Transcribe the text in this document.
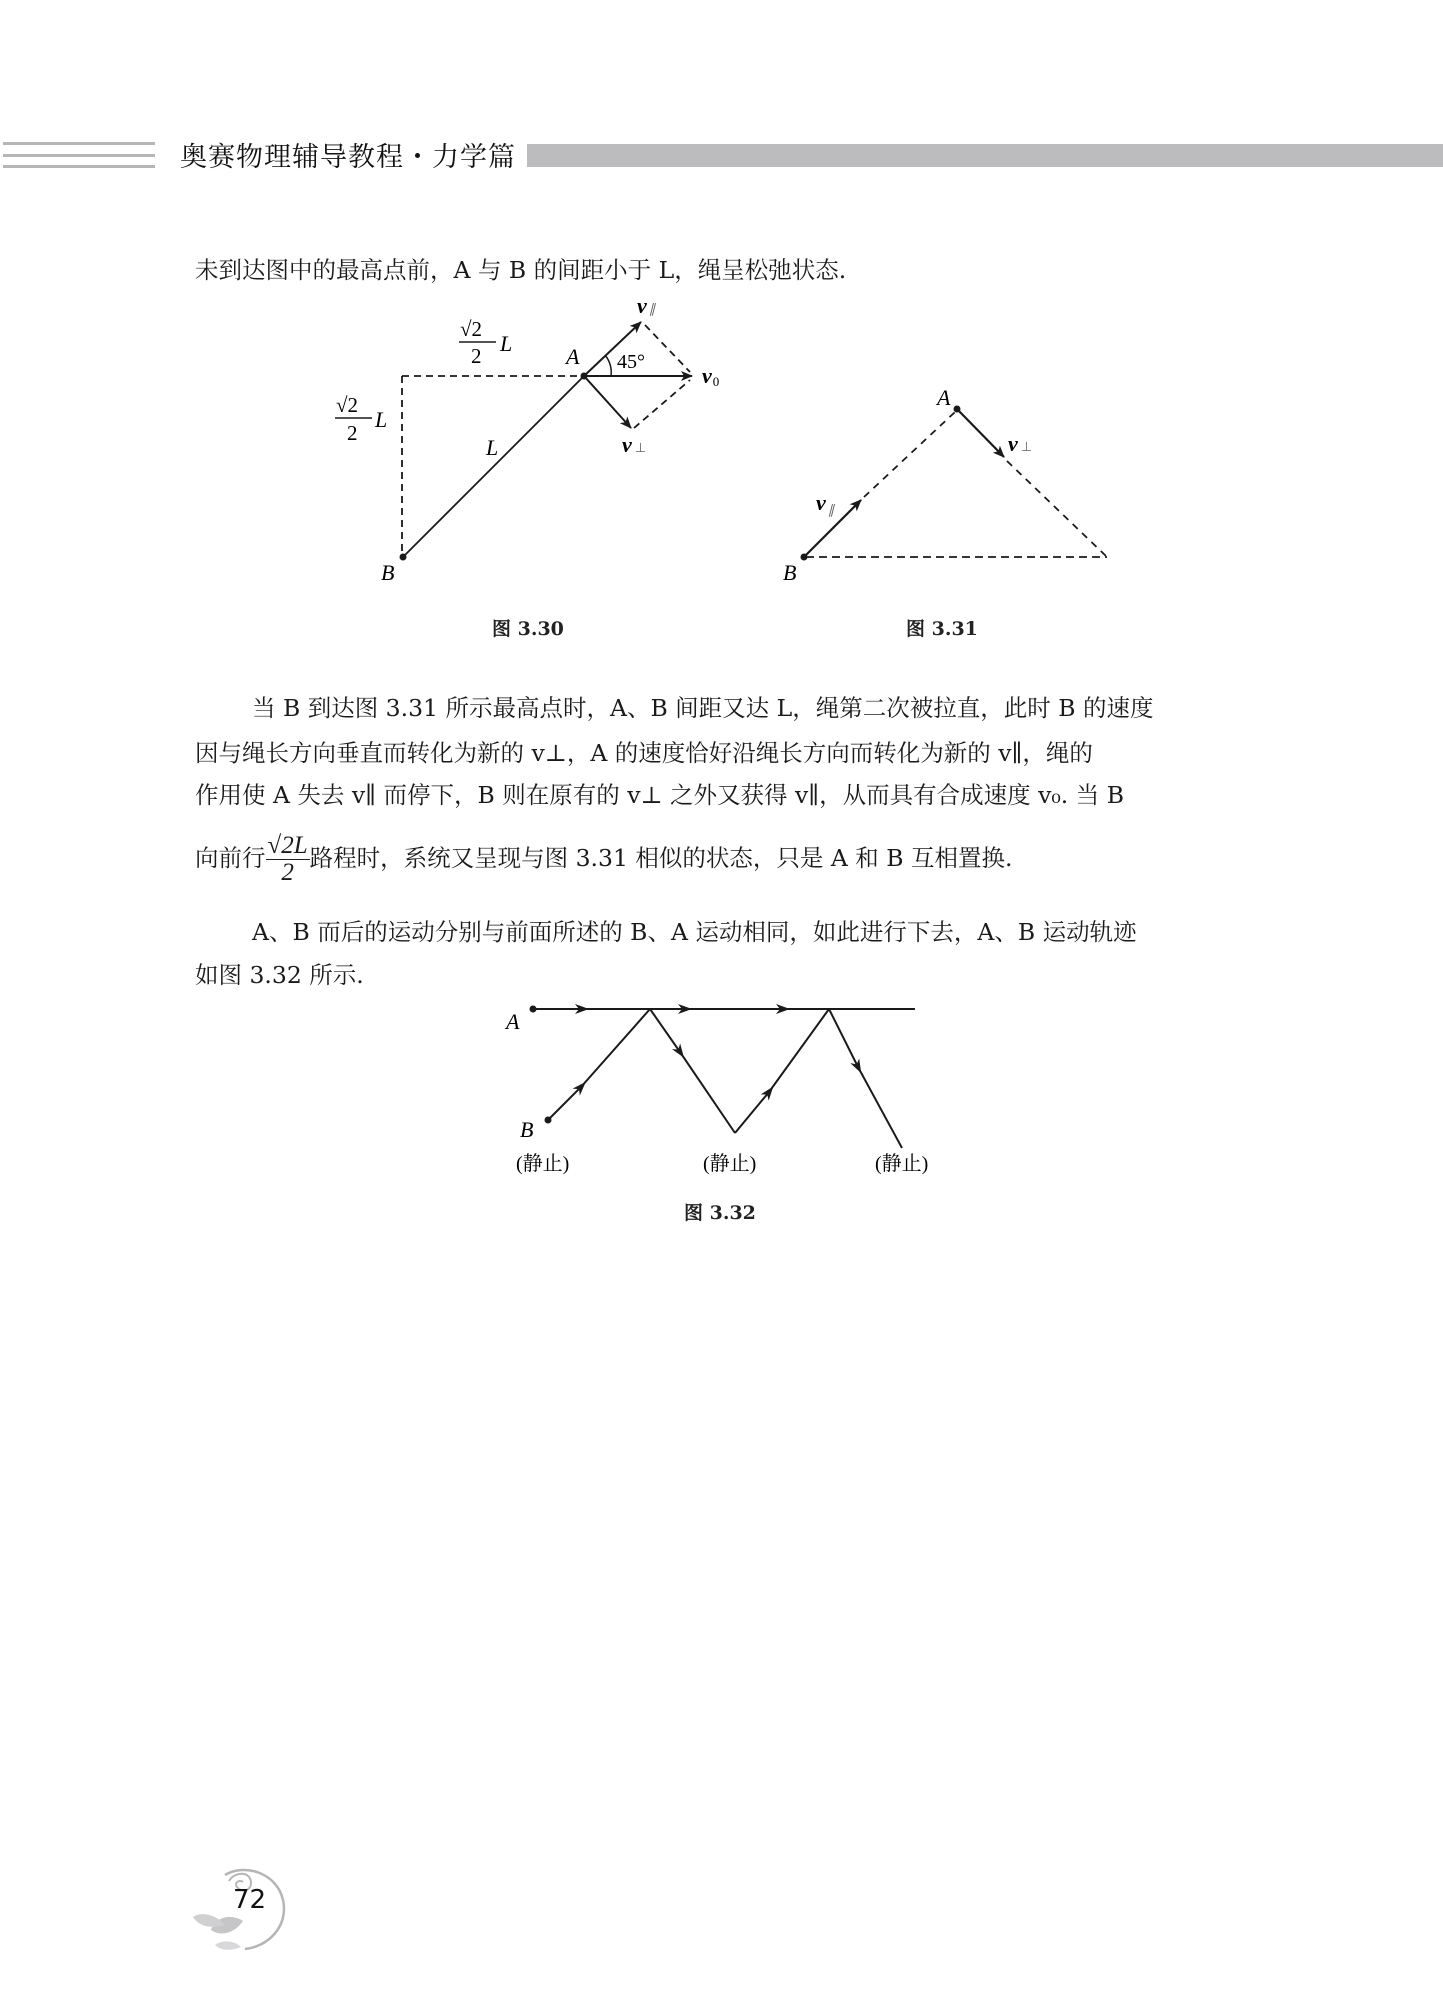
奥赛物理辅导教程・力学篇
未到达图中的最高点前，A 与 B 的间距小于 L，绳呈松弛状态.
A
B
L
45°
√2
2 L
√2
2
L
v ∥
v0
v ⊥
A
B
v ⊥
v ∥
图 3.30	图 3.31
当 B 到达图 3.31 所示最高点时，A、B 间距又达 L，绳第二次被拉直，此时 B 的速度
因与绳长方向垂直而转化为新的 v⊥，A 的速度恰好沿绳长方向而转化为新的 v∥，绳的
作用使 A 失去 v∥ 而停下，B 则在原有的 v⊥ 之外又获得 v∥，从而具有合成速度 v₀. 当 B
向前行 $\frac{√2L}{2}$ 路程时，系统又呈现与图 3.31 相似的状态，只是 A 和 B 互相置换.
A、B 而后的运动分别与前面所述的 B、A 运动相同，如此进行下去，A、B 运动轨迹
如图 3.32 所示.
A
B
(静止)	(静止)	(静止)
图 3.32
72
